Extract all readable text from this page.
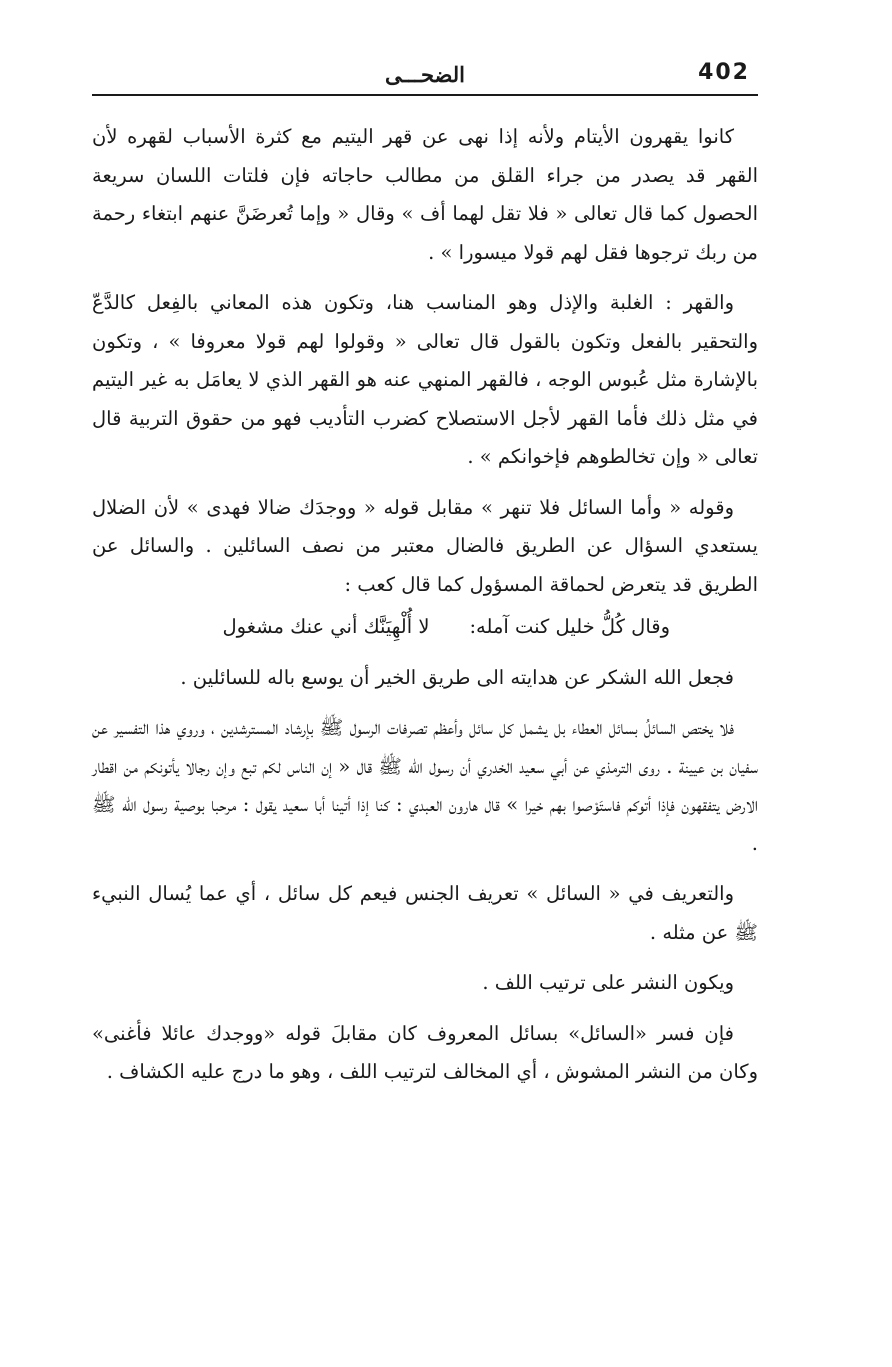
402
الضحـــى

كانوا يقهرون الأيتام ولأنه إذا نهى عن قهر اليتيم مع كثرة الأسباب لقهره لأن القهر قد يصدر من جراء القلق من مطالب حاجاته فإن فلتات اللسان سريعة الحصول كما قال تعالى « فلا تقل لهما أف » وقال « وإما تُعرضَنَّ عنهم ابتغاء رحمة من ربك ترجوها فقل لهم قولا ميسورا » .

والقهر : الغلبة والإذل وهو المناسب هنا، وتكون هذه المعاني بالفِعل كالدَّعّ والتحقير بالفعل وتكون بالقول قال تعالى « وقولوا لهم قولا معروفا » ، وتكون بالإشارة مثل عُبوس الوجه ، فالقهر المنهي عنه هو القهر الذي لا يعامَل به غير اليتيم في مثل ذلك فأما القهر لأجل الاستصلاح كضرب التأديب فهو من حقوق التربية قال تعالى « وإن تخالطوهم فإخوانكم » .

وقوله « وأما السائل فلا تنهر » مقابل قوله « ووجدَك ضالا فهدى » لأن الضلال يستعدي السؤال عن الطريق فالضال معتبر من نصف السائلين . والسائل عن الطريق قد يتعرض لحماقة المسؤول كما قال كعب :

وقال كُلُّ خليل كنت آمله:
لا أُلْهِيَنَّك أني عنك مشغول

فجعل الله الشكر عن هدايته الى طريق الخير أن يوسع باله للسائلين .

فلا يختص السائلُ بسائل العطاء بل يشمل كل سائل وأعظم تصرفات الرسول ﷺ بإرشاد المسترشدين ، وروي هذا التفسير عن سفيان بن عيينة . روى الترمذي عن أبي سعيد الخدري أن رسول الله ﷺ قال « إن الناس لكم تبع وإن رجالا يأتونكم من اقطار الارض يتفقهون فإذا أتوكم فاستَوْصوا بهم خيرا » قال هارون العبدي : كنا إذا أتينا أبا سعيد يقول : مرحبا بوصية رسول الله ﷺ .

والتعريف في « السائل » تعريف الجنس فيعم كل سائل ، أي عما يُسال النبيء ﷺ عن مثله .

ويكون النشر على ترتيب اللف .

فإن فسر «السائل» بسائل المعروف كان مقابلَ قوله «ووجدك عائلا فأغنى» وكان من النشر المشوش ، أي المخالف لترتيب اللف ، وهو ما درج عليه الكشاف .
